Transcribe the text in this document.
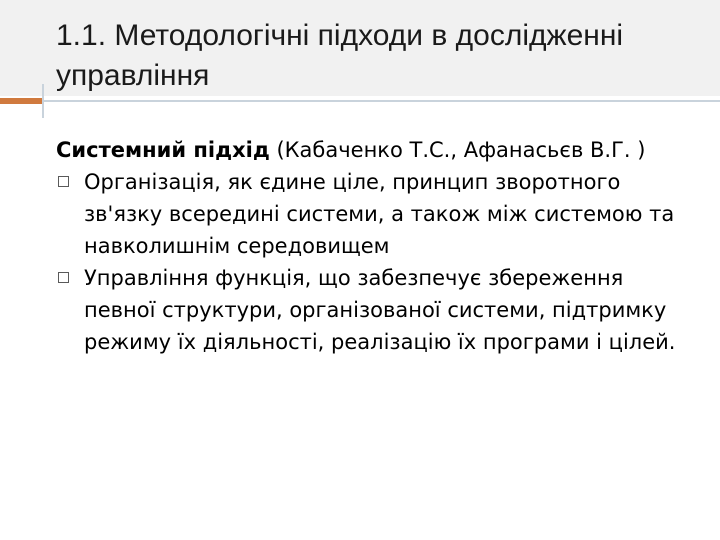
1.1. Методологічні підходи в дослідженні управління

Системний підхід (Кабаченко Т.С., Афанасьєв В.Г. )

Організація, як єдине ціле, принцип зворотного зв'язку всередині системи, а також між системою та навколишнім середовищем
Управління функція, що забезпечує збереження певної структури, організованої системи, підтримку режиму їх діяльності, реалізацію їх програми і цілей.
